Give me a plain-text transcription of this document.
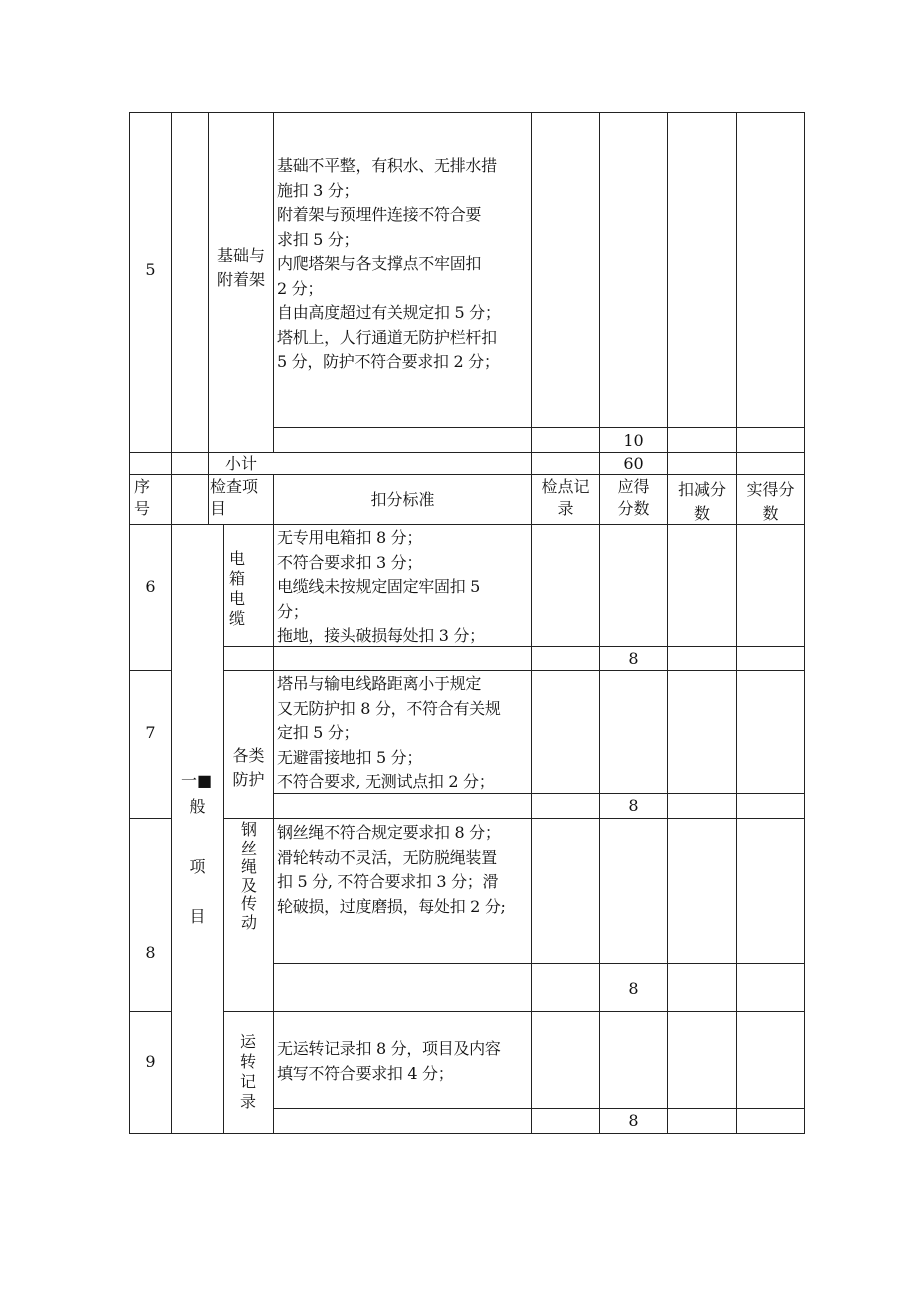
5
基础与
附着架
基础不平整，有积水、无排水措
施扣 3 分；
附着架与预埋件连接不符合要
求扣 5 分；
内爬塔架与各支撑点不牢固扣
2 分；
自由高度超过有关规定扣 5 分；
塔机上，人行通道无防护栏杆扣
5 分，防护不符合要求扣 2 分；
10
小计	60
序
号
检查项
目	扣分标准
检点记
录
应得
分数
扣减分
数
实得分
数
一■
般
项
目
6
电
箱
电
缆
无专用电箱扣 8 分；
不符合要求扣 3 分；
电缆线未按规定固定牢固扣 5
分；
拖地，接头破损每处扣 3 分；
8
7
各类
防护
塔吊与输电线路距离小于规定
又无防护扣 8 分，不符合有关规
定扣 5 分；
无避雷接地扣 5 分；
不符合要求, 无测试点扣 2 分；
8
8
钢
丝
绳
及
传
动
钢丝绳不符合规定要求扣 8 分；
滑轮转动不灵活，无防脱绳装置
扣 5 分, 不符合要求扣 3 分；滑
轮破损，过度磨损，每处扣 2 分;
8
9
运
转
记
录
无运转记录扣 8 分，项目及内容
填写不符合要求扣 4 分；
8
